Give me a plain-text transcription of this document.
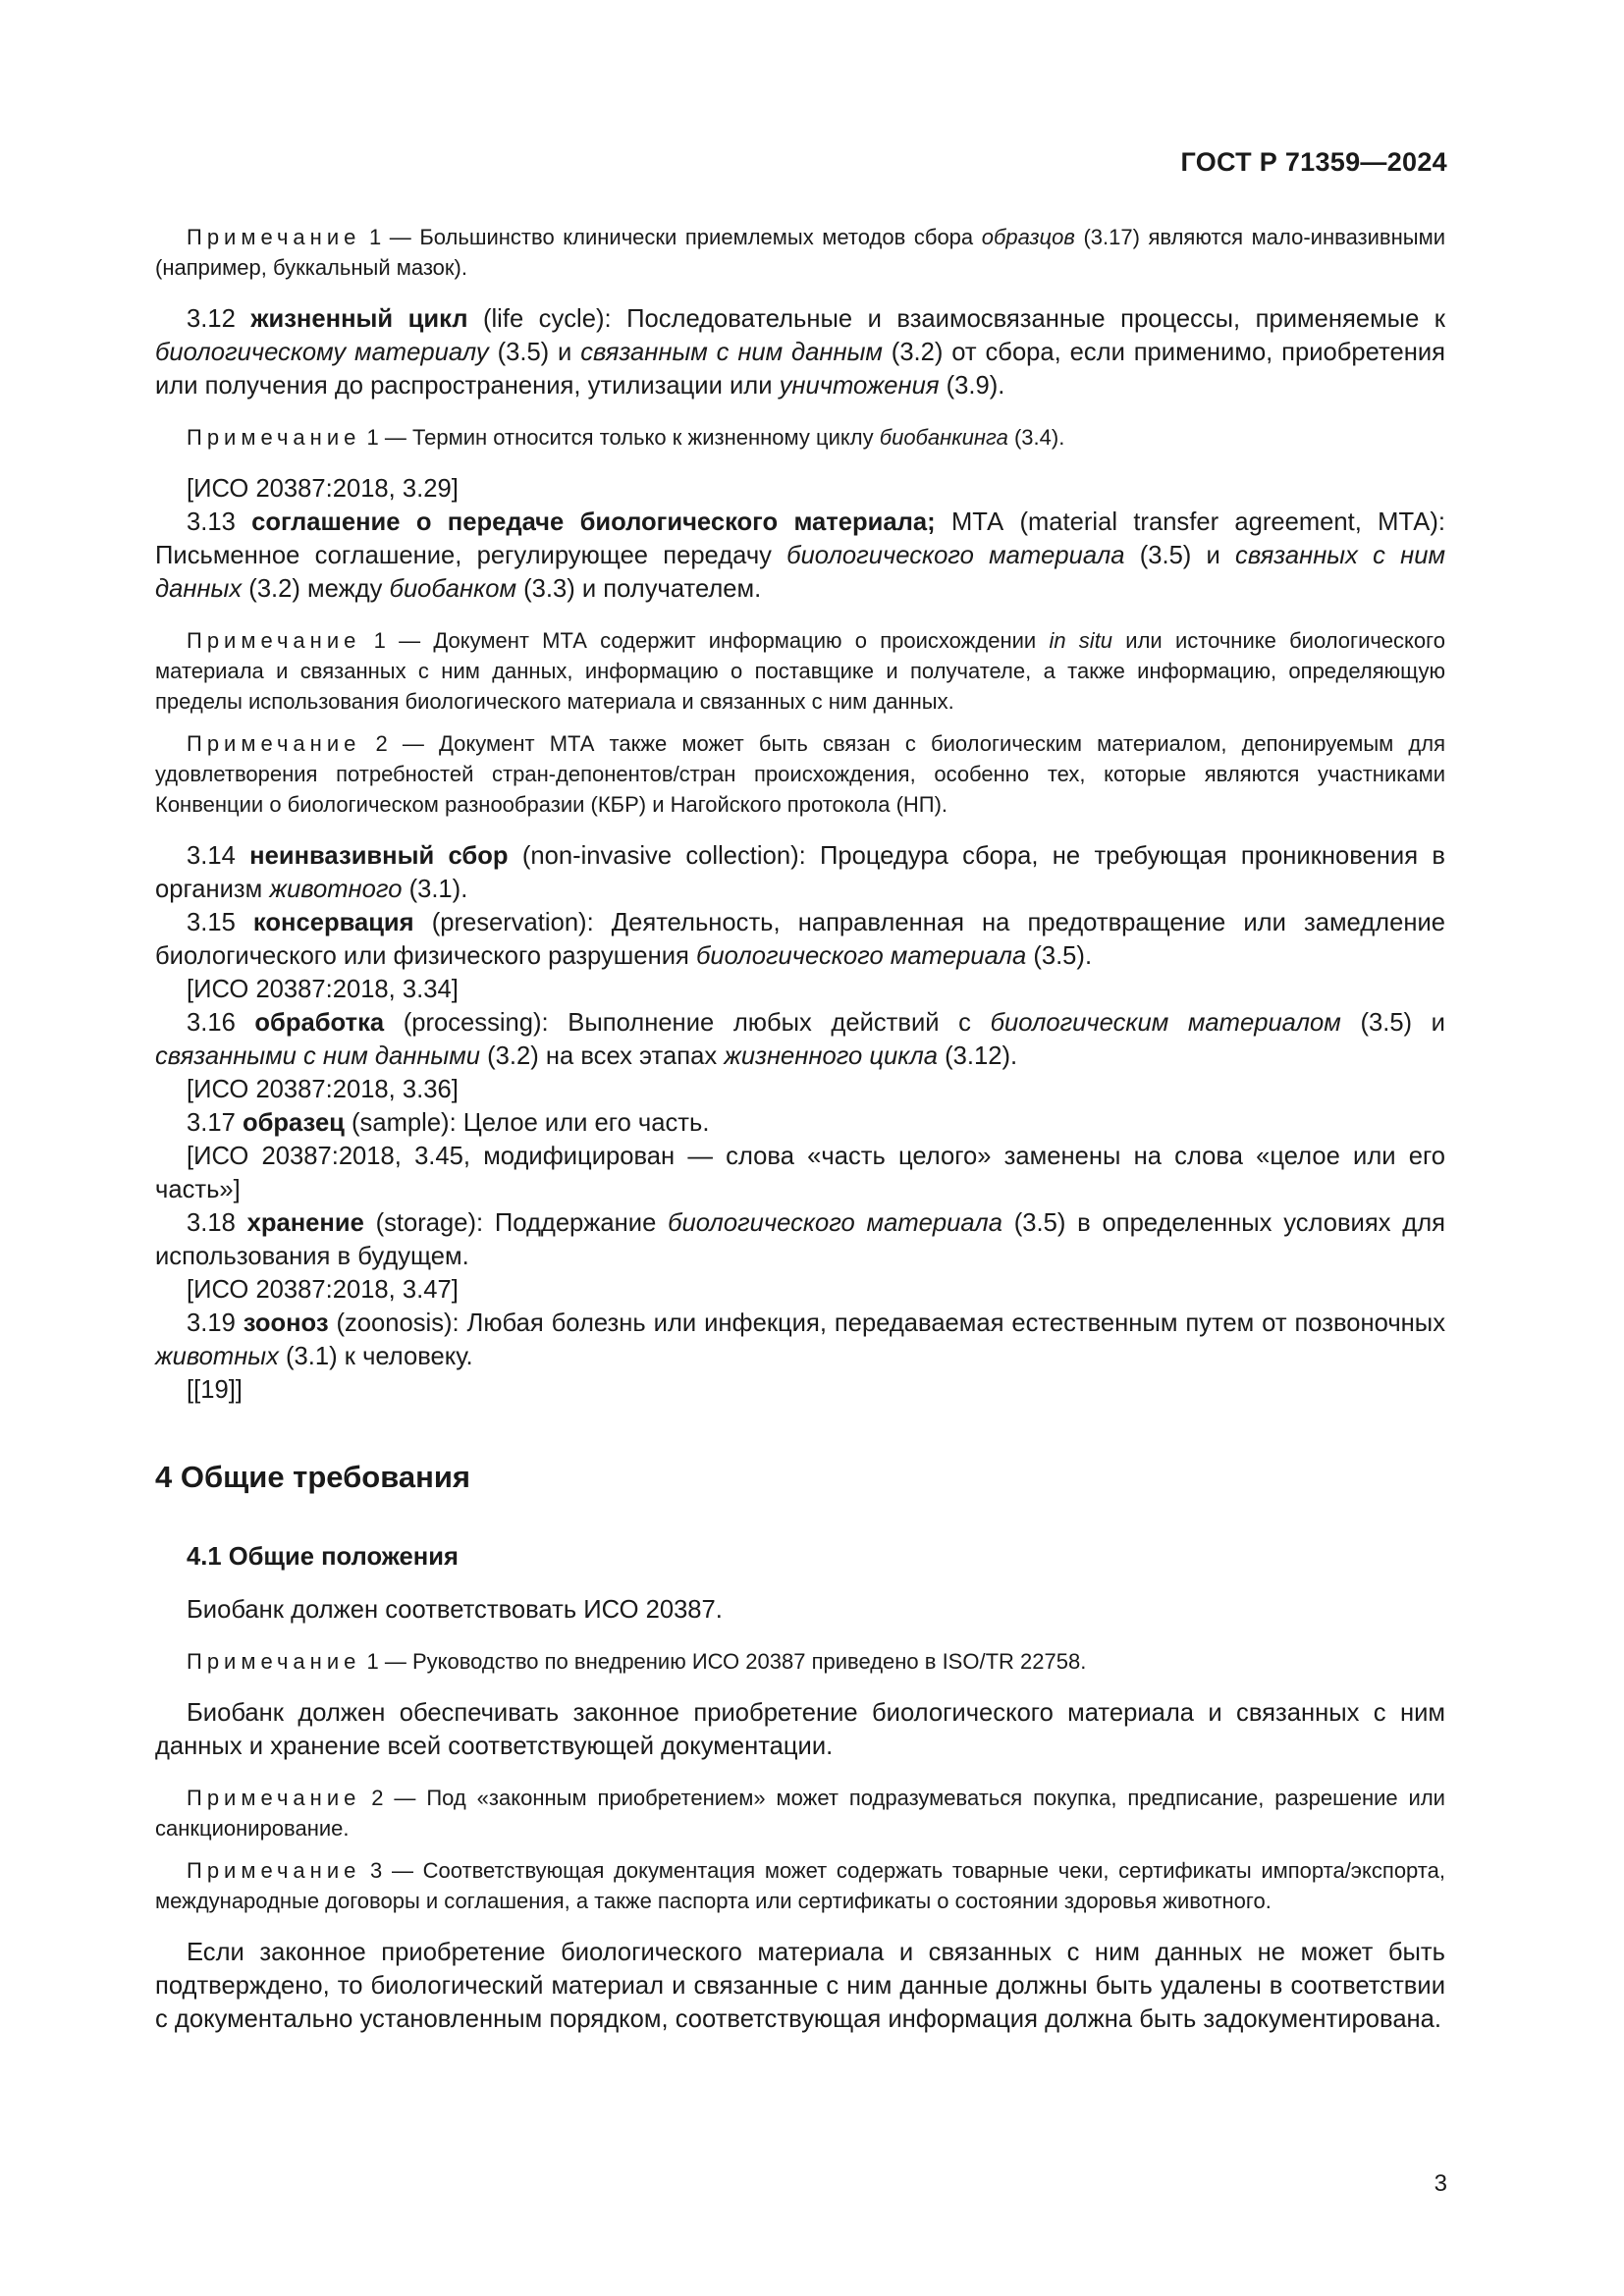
ГОСТ Р 71359—2024

Примечание 1 — Большинство клинически приемлемых методов сбора образцов (3.17) являются мало-инвазивными (например, буккальный мазок).

3.12 жизненный цикл (life cycle): Последовательные и взаимосвязанные процессы, применяемые к биологическому материалу (3.5) и связанным с ним данным (3.2) от сбора, если применимо, приобретения или получения до распространения, утилизации или уничтожения (3.9).

Примечание 1 — Термин относится только к жизненному циклу биобанкинга (3.4).

[ИСО 20387:2018, 3.29]

3.13 соглашение о передаче биологического материала; МТА (material transfer agreement, МТА): Письменное соглашение, регулирующее передачу биологического материала (3.5) и связанных с ним данных (3.2) между биобанком (3.3) и получателем.

Примечание 1 — Документ МТА содержит информацию о происхождении in situ или источнике биологического материала и связанных с ним данных, информацию о поставщике и получателе, а также информацию, определяющую пределы использования биологического материала и связанных с ним данных.

Примечание 2 — Документ МТА также может быть связан с биологическим материалом, депонируемым для удовлетворения потребностей стран-депонентов/стран происхождения, особенно тех, которые являются участниками Конвенции о биологическом разнообразии (КБР) и Нагойского протокола (НП).

3.14 неинвазивный сбор (non-invasive collection): Процедура сбора, не требующая проникновения в организм животного (3.1).

3.15 консервация (preservation): Деятельность, направленная на предотвращение или замедление биологического или физического разрушения биологического материала (3.5).

[ИСО 20387:2018, 3.34]

3.16 обработка (processing): Выполнение любых действий с биологическим материалом (3.5) и связанными с ним данными (3.2) на всех этапах жизненного цикла (3.12).

[ИСО 20387:2018, 3.36]

3.17 образец (sample): Целое или его часть.

[ИСО 20387:2018, 3.45, модифицирован — слова «часть целого» заменены на слова «целое или его часть»]

3.18 хранение (storage): Поддержание биологического материала (3.5) в определенных условиях для использования в будущем.

[ИСО 20387:2018, 3.47]

3.19 зооноз (zoonosis): Любая болезнь или инфекция, передаваемая естественным путем от позвоночных животных (3.1) к человеку.

[[19]]

4 Общие требования
4.1 Общие положения

Биобанк должен соответствовать ИСО 20387.

Примечание 1 — Руководство по внедрению ИСО 20387 приведено в ISO/TR 22758.

Биобанк должен обеспечивать законное приобретение биологического материала и связанных с ним данных и хранение всей соответствующей документации.

Примечание 2 — Под «законным приобретением» может подразумеваться покупка, предписание, разрешение или санкционирование.

Примечание 3 — Соответствующая документация может содержать товарные чеки, сертификаты импорта/экспорта, международные договоры и соглашения, а также паспорта или сертификаты о состоянии здоровья животного.

Если законное приобретение биологического материала и связанных с ним данных не может быть подтверждено, то биологический материал и связанные с ним данные должны быть удалены в соответствии с документально установленным порядком, соответствующая информация должна быть задокументирована.

3
